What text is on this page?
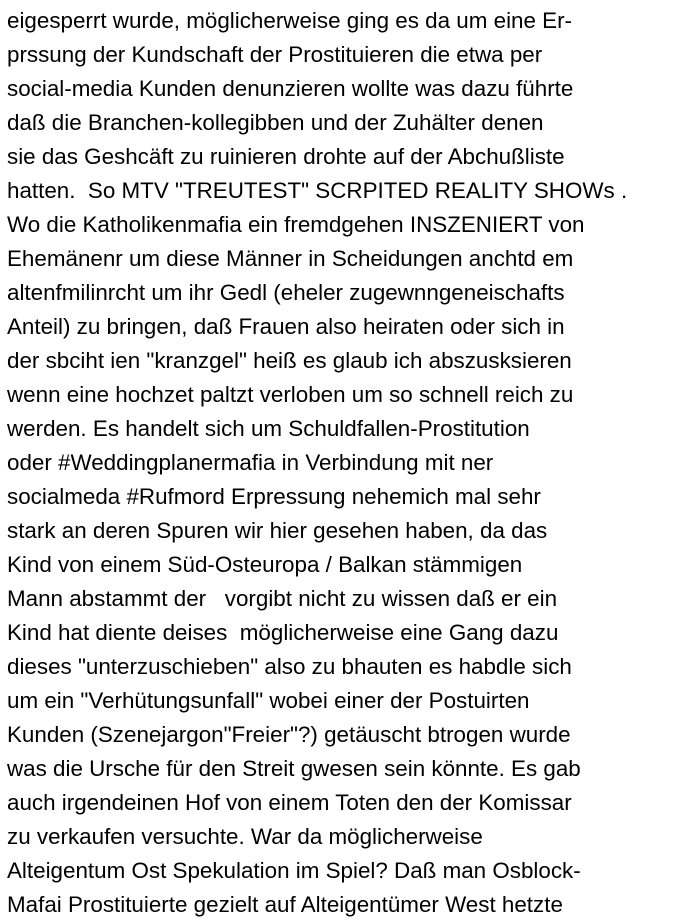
eigesperrt wurde, möglicherweise ging es da um eine Er-
prssung der Kundschaft der Prostituieren die etwa per
social-media Kunden denunzieren wollte was dazu führte
daß die Branchen-kollegibben und der Zuhälter denen
sie das Geshcäft zu ruinieren drohte auf der Abchußliste
hatten.  So MTV "TREUTEST" SCRPITED REALITY SHOWs .
Wo die Katholikenmafia ein fremdgehen INSZENIERT von
Ehemänenr um diese Männer in Scheidungen anchtd em
altenfmilinrcht um ihr Gedl (eheler zugewnngeneischafts
Anteil) zu bringen, daß Frauen also heiraten oder sich in
der sbciht ien "kranzgel" heiß es glaub ich abszusksieren
wenn eine hochzet paltzt verloben um so schnell reich zu
werden. Es handelt sich um Schuldfallen-Prostitution
oder #Weddingplanermafia in Verbindung mit ner
socialmeda #Rufmord Erpressung nehemich mal sehr
stark an deren Spuren wir hier gesehen haben, da das
Kind von einem Süd-Osteuropa / Balkan stämmigen
Mann abstammt der   vorgibt nicht zu wissen daß er ein
Kind hat diente deises  möglicherweise eine Gang dazu
dieses "unterzuschieben" also zu bhauten es habdle sich
um ein "Verhütungsunfall" wobei einer der Postuirten
Kunden (Szenejargon"Freier"?) getäuscht btrogen wurde
was die Ursche für den Streit gwesen sein könnte. Es gab
auch irgendeinen Hof von einem Toten den der Komissar
zu verkaufen versuchte. War da möglicherweise
Alteigentum Ost Spekulation im Spiel? Daß man Osblock-
Mafai Prostituierte gezielt auf Alteigentümer West hetzte
